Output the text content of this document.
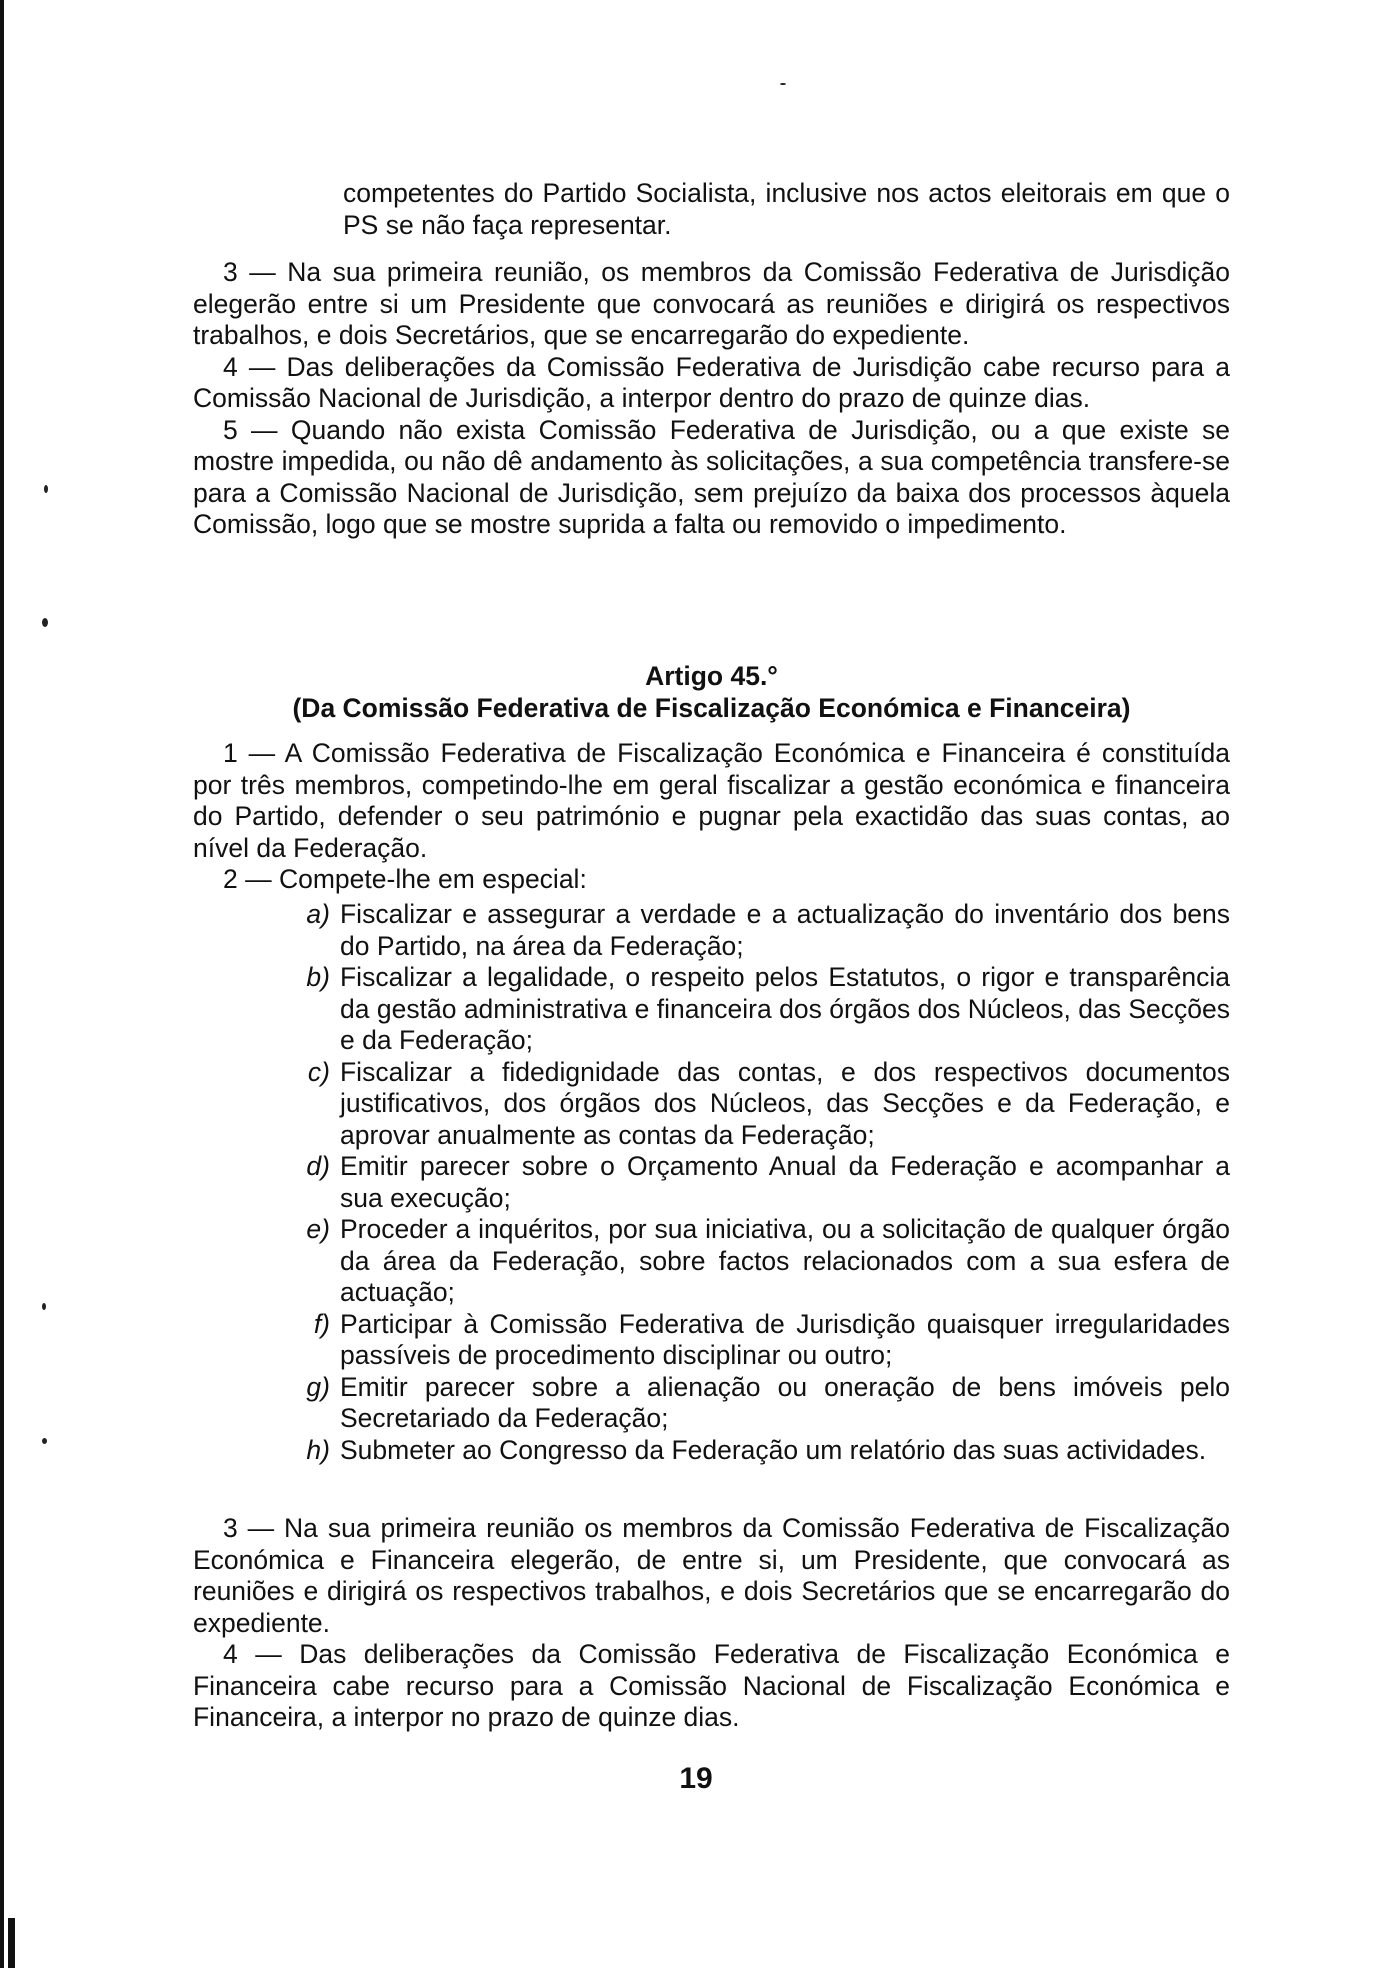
competentes do Partido Socialista, inclusive nos actos eleitorais em que o PS se não faça representar.

3 — Na sua primeira reunião, os membros da Comissão Federativa de Jurisdição elegerão entre si um Presidente que convocará as reuniões e dirigirá os respectivos trabalhos, e dois Secretários, que se encarregarão do expediente.

4 — Das deliberações da Comissão Federativa de Jurisdição cabe recurso para a Comissão Nacional de Jurisdição, a interpor dentro do prazo de quinze dias.

5 — Quando não exista Comissão Federativa de Jurisdição, ou a que existe se mostre impedida, ou não dê andamento às solicitações, a sua competência transfere-se para a Comissão Nacional de Jurisdição, sem prejuízo da baixa dos processos àquela Comissão, logo que se mostre suprida a falta ou removido o impedimento.

Artigo 45.°
(Da Comissão Federativa de Fiscalização Económica e Financeira)

1 — A Comissão Federativa de Fiscalização Económica e Financeira é constituída por três membros, competindo-lhe em geral fiscalizar a gestão económica e financeira do Partido, defender o seu património e pugnar pela exactidão das suas contas, ao nível da Federação.

2 — Compete-lhe em especial:

a) Fiscalizar e assegurar a verdade e a actualização do inventário dos bens do Partido, na área da Federação;
b) Fiscalizar a legalidade, o respeito pelos Estatutos, o rigor e transparência da gestão administrativa e financeira dos órgãos dos Núcleos, das Secções e da Federação;
c) Fiscalizar a fidedignidade das contas, e dos respectivos documentos justificativos, dos órgãos dos Núcleos, das Secções e da Federação, e aprovar anualmente as contas da Federação;
d) Emitir parecer sobre o Orçamento Anual da Federação e acompanhar a sua execução;
e) Proceder a inquéritos, por sua iniciativa, ou a solicitação de qualquer órgão da área da Federação, sobre factos relacionados com a sua esfera de actuação;
f) Participar à Comissão Federativa de Jurisdição quaisquer irregularidades passíveis de procedimento disciplinar ou outro;
g) Emitir parecer sobre a alienação ou oneração de bens imóveis pelo Secretariado da Federação;
h) Submeter ao Congresso da Federação um relatório das suas actividades.

3 — Na sua primeira reunião os membros da Comissão Federativa de Fiscalização Económica e Financeira elegerão, de entre si, um Presidente, que convocará as reuniões e dirigirá os respectivos trabalhos, e dois Secretários que se encarregarão do expediente.

4 — Das deliberações da Comissão Federativa de Fiscalização Económica e Financeira cabe recurso para a Comissão Nacional de Fiscalização Económica e Financeira, a interpor no prazo de quinze dias.

19
